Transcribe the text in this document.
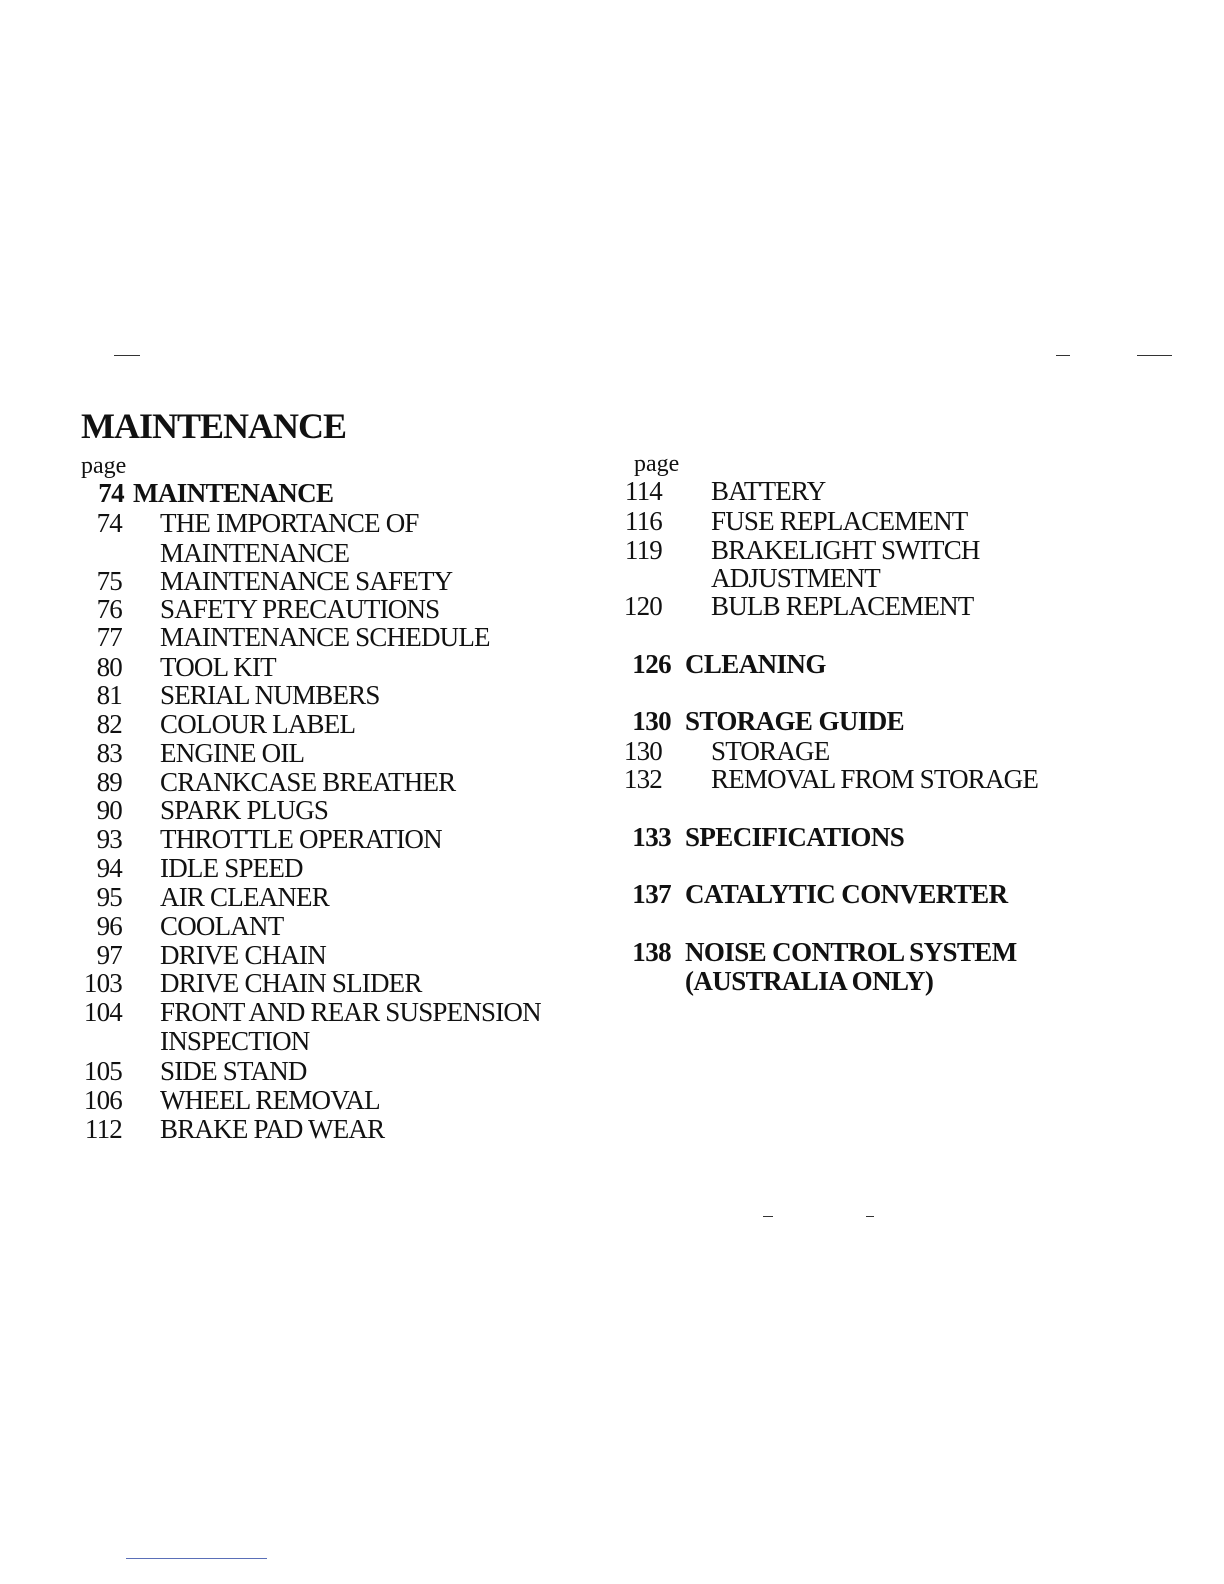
MAINTENANCE
page	page
74 MAINTENANCE
74 THE IMPORTANCE OF
MAINTENANCE
75 MAINTENANCE SAFETY
76 SAFETY PRECAUTIONS
77 MAINTENANCE SCHEDULE
80 TOOL KIT
81 SERIAL NUMBERS
82 COLOUR LABEL
83 ENGINE OIL
89 CRANKCASE BREATHER
90 SPARK PLUGS
93 THROTTLE OPERATION
94 IDLE SPEED
95 AIR CLEANER
96 COOLANT
97 DRIVE CHAIN
103 DRIVE CHAIN SLIDER
104 FRONT AND REAR SUSPENSION
INSPECTION
105 SIDE STAND
106 WHEEL REMOVAL
112 BRAKE PAD WEAR
114 BATTERY
116 FUSE REPLACEMENT
119 BRAKELIGHT SWITCH
ADJUSTMENT
120 BULB REPLACEMENT
126 CLEANING
130 STORAGE GUIDE
130 STORAGE
132 REMOVAL FROM STORAGE
133 SPECIFICATIONS
137 CATALYTIC CONVERTER
138 NOISE CONTROL SYSTEM
(AUSTRALIA ONLY)
